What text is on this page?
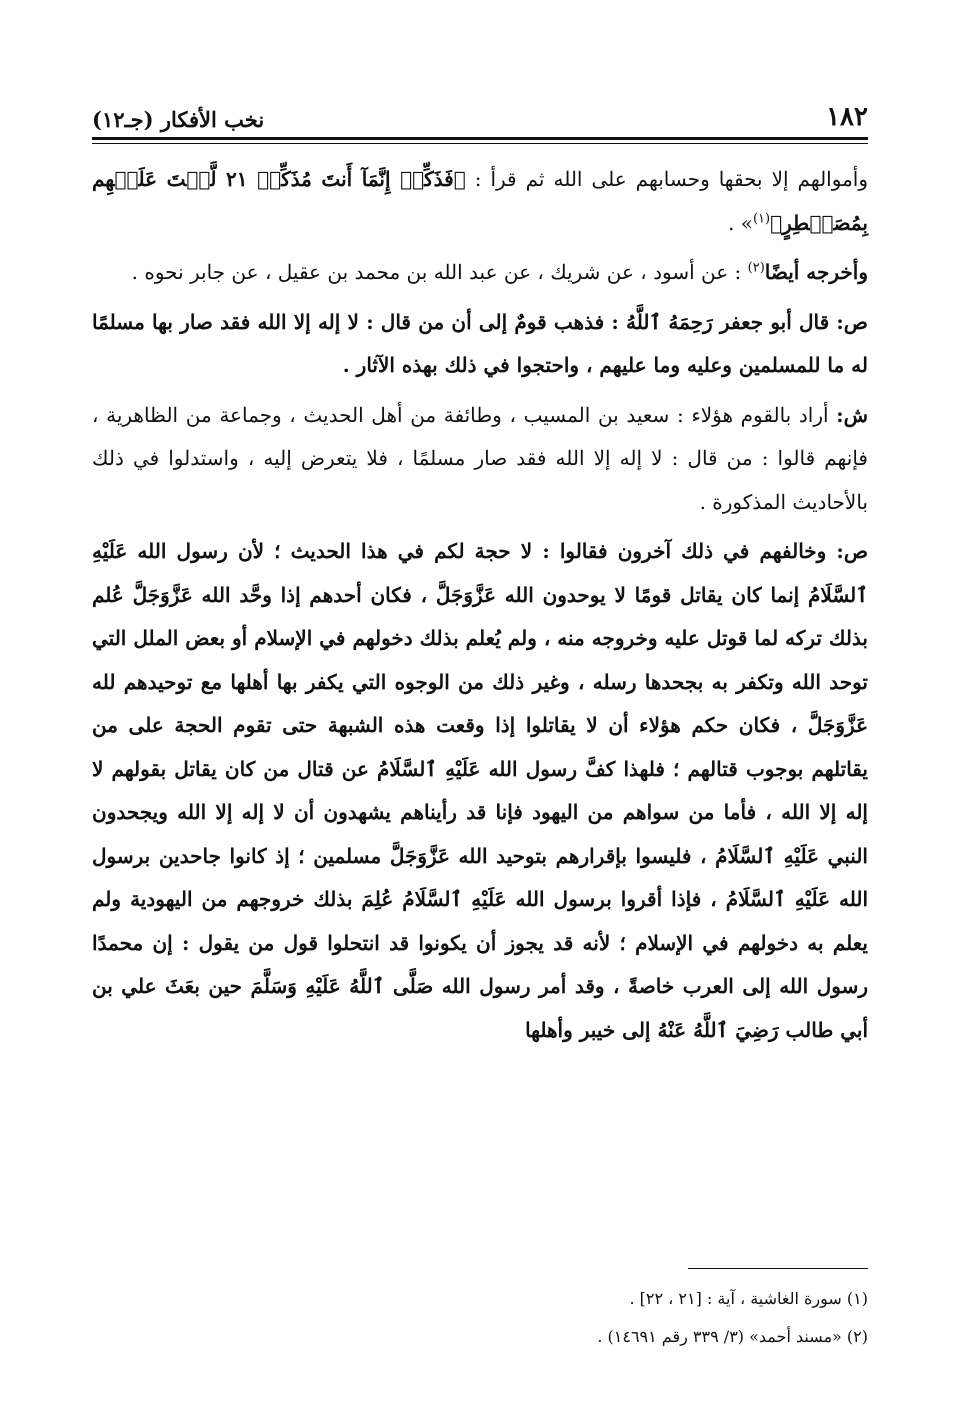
١٨٢
نخب الأفكار (جـ١٢)

وأموالهم إلا بحقها وحسابهم على الله ثم قرأ : ﴿فَذَكِّرۡ إِنَّمَآ أَنتَ مُذَكِّرٞ ٢١ لَّسۡتَ عَلَيۡهِم بِمُصَيۡطِرٍ﴾$^{(١)}$» .

وأخرجه أيضًا$^{(٢)}$ : عن أسود ، عن شريك ، عن عبد الله بن محمد بن عقيل ، عن جابر نحوه .

ص: قال أبو جعفر رَحِمَهُ ٱللَّهُ : فذهب قومٌ إلى أن من قال : لا إله إلا الله فقد صار بها مسلمًا له ما للمسلمين وعليه وما عليهم ، واحتجوا في ذلك بهذه الآثار .

ش: أراد بالقوم هؤلاء : سعيد بن المسيب ، وطائفة من أهل الحديث ، وجماعة من الظاهرية ، فإنهم قالوا : من قال : لا إله إلا الله فقد صار مسلمًا ، فلا يتعرض إليه ، واستدلوا في ذلك بالأحاديث المذكورة .

ص: وخالفهم في ذلك آخرون فقالوا : لا حجة لكم في هذا الحديث ؛ لأن رسول الله عَلَيْهِ ٱلسَّلَامُ إنما كان يقاتل قومًا لا يوحدون الله عَزَّوَجَلَّ ، فكان أحدهم إذا وحَّد الله عَزَّوَجَلَّ عُلم بذلك تركه لما قوتل عليه وخروجه منه ، ولم يُعلم بذلك دخولهم في الإسلام أو بعض الملل التي توحد الله وتكفر به بجحدها رسله ، وغير ذلك من الوجوه التي يكفر بها أهلها مع توحيدهم لله عَزَّوَجَلَّ ، فكان حكم هؤلاء أن لا يقاتلوا إذا وقعت هذه الشبهة حتى تقوم الحجة على من يقاتلهم بوجوب قتالهم ؛ فلهذا كفَّ رسول الله عَلَيْهِ ٱلسَّلَامُ عن قتال من كان يقاتل بقولهم لا إله إلا الله ، فأما من سواهم من اليهود فإنا قد رأيناهم يشهدون أن لا إله إلا الله ويجحدون النبي عَلَيْهِ ٱلسَّلَامُ ، فليسوا بإقرارهم بتوحيد الله عَزَّوَجَلَّ مسلمين ؛ إذ كانوا جاحدين برسول الله عَلَيْهِ ٱلسَّلَامُ ، فإذا أقروا برسول الله عَلَيْهِ ٱلسَّلَامُ عُلِمَ بذلك خروجهم من اليهودية ولم يعلم به دخولهم في الإسلام ؛ لأنه قد يجوز أن يكونوا قد انتحلوا قول من يقول : إن محمدًا رسول الله إلى العرب خاصةً ، وقد أمر رسول الله صَلَّى ٱللَّهُ عَلَيْهِ وَسَلَّمَ حين بعَثَ علي بن أبي طالب رَضِيَ ٱللَّهُ عَنْهُ إلى خيبر وأهلها

(١) سورة الغاشية ، آية : [٢١ ، ٢٢] .

(٢) «مسند أحمد» (٣/ ٣٣٩ رقم ١٤٦٩١) .
